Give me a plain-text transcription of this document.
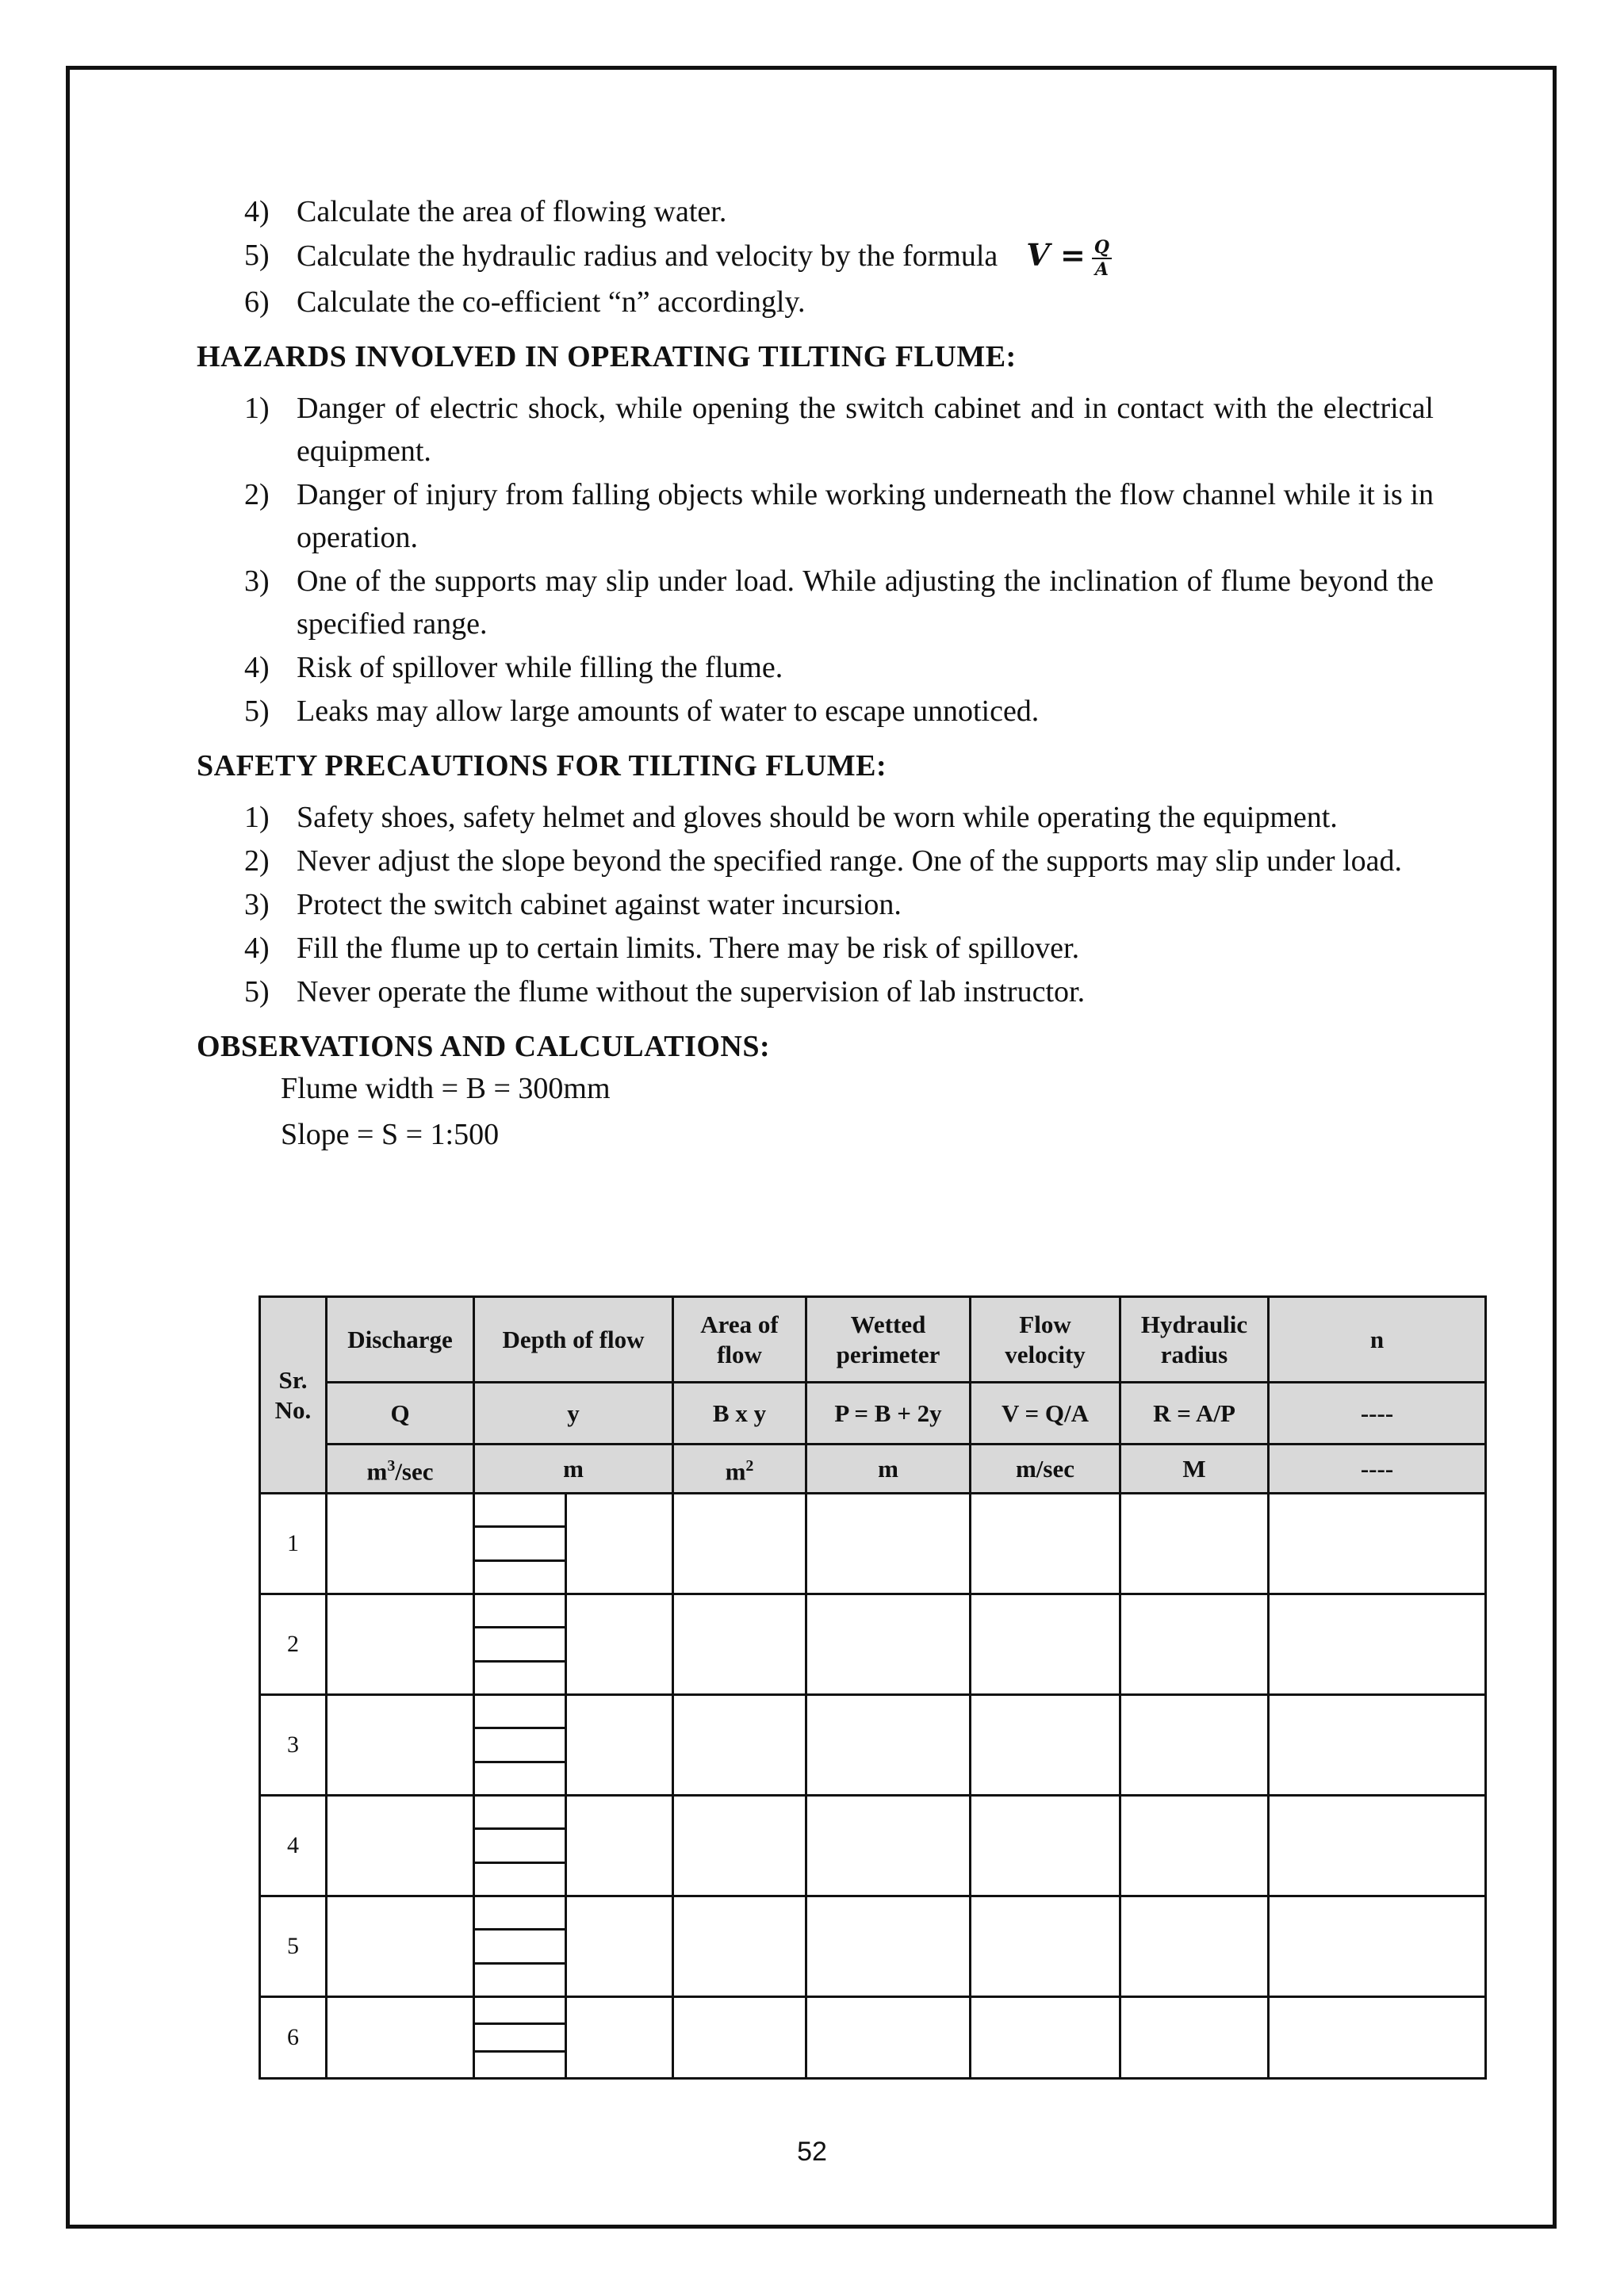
4) Calculate the area of flowing water.
5) Calculate the hydraulic radius and velocity by the formula $V = \frac{Q}{A}$
6) Calculate the co-efficient “n” accordingly.
HAZARDS INVOLVED IN OPERATING TILTING FLUME:
1) Danger of electric shock, while opening the switch cabinet and in contact with the electrical equipment.
2) Danger of injury from falling objects while working underneath the flow channel while it is in operation.
3) One of the supports may slip under load. While adjusting the inclination of flume beyond the specified range.
4) Risk of spillover while filling the flume.
5) Leaks may allow large amounts of water to escape unnoticed.
SAFETY PRECAUTIONS FOR TILTING FLUME:
1) Safety shoes, safety helmet and gloves should be worn while operating the equipment.
2) Never adjust the slope beyond the specified range. One of the supports may slip under load.
3) Protect the switch cabinet against water incursion.
4) Fill the flume up to certain limits. There may be risk of spillover.
5) Never operate the flume without the supervision of lab instructor.
OBSERVATIONS AND CALCULATIONS:
Flume width = B = 300mm
Slope = S = 1:500
Sr. No.	Discharge	Depth of flow	Area of flow	Wetted perimeter	Flow velocity	Hydraulic radius	n
	Q	y	B x y	P = B + 2y	V = Q/A	R = A/P	----
	$m^3/\sec$	m	$m^2$	m	m/sec	M	----
1		

2		

3		

4		

5		

6		

52
